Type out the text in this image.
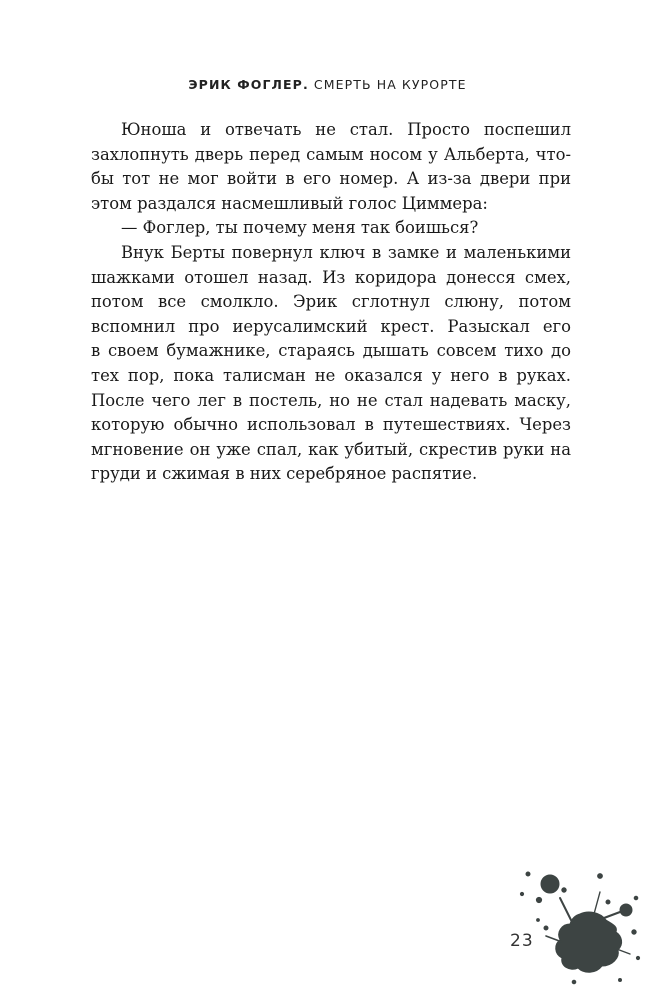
ЭРИК ФОГЛЕР. СМЕРТЬ НА КУРОРТЕ
Юноша и отвечать не стал. Просто поспешил
захлопнуть дверь перед самым носом у Альберта, что-
бы тот не мог войти в его номер. А из-за двери при
этом раздался насмешливый голос Циммера:
— Фоглер, ты почему меня так боишься?
Внук Берты повернул ключ в замке и маленькими
шажками отошел назад. Из коридора донесся смех,
потом все смолкло. Эрик сглотнул слюну, потом
вспомнил про иерусалимский крест. Разыскал его
в своем бумажнике, стараясь дышать совсем тихо до
тех пор, пока талисман не оказался у него в руках.
После чего лег в постель, но не стал надевать маску,
которую обычно использовал в путешествиях. Через
мгновение он уже спал, как убитый, скрестив руки на
груди и сжимая в них серебряное распятие.
23
